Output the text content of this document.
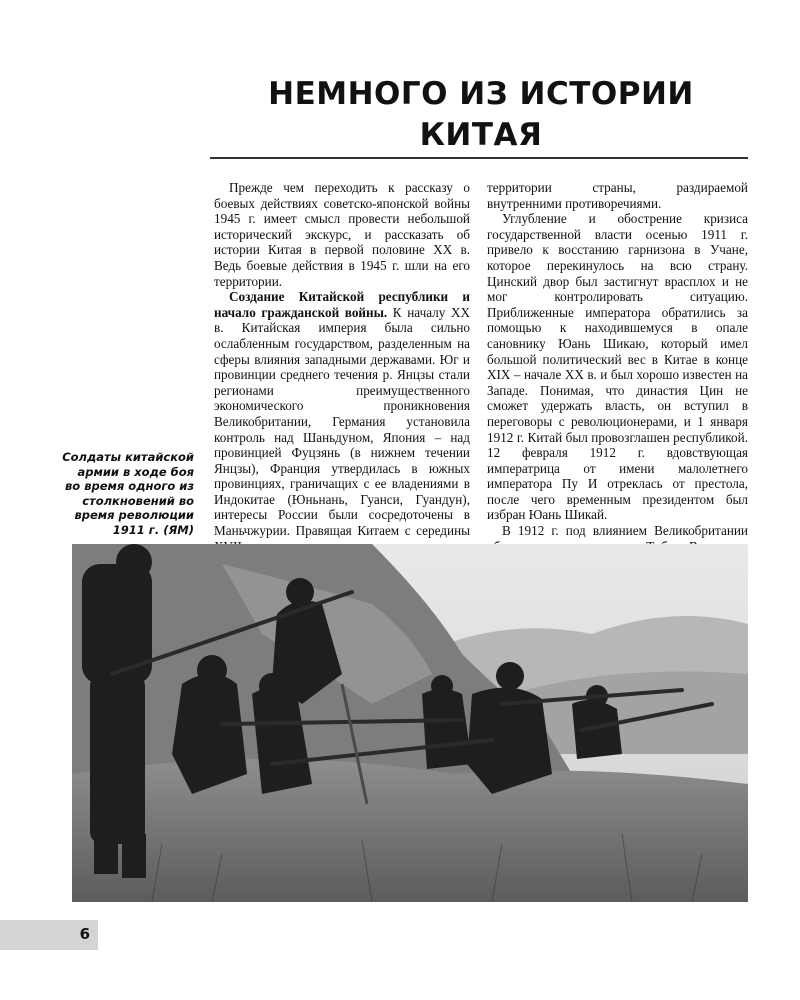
НЕМНОГО ИЗ ИСТОРИИ
КИТАЯ

Прежде чем переходить к рассказу о боевых действиях советско-японской войны 1945 г. имеет смысл провести небольшой исторический экскурс, и рассказать об истории Китая в первой половине XX в. Ведь боевые действия в 1945 г. шли на его территории.

Создание Китайской республики и начало гражданской войны. К началу XX в. Китайская империя была сильно ослабленным государством, разделенным на сферы влияния западными державами. Юг и провинции среднего течения р. Янцзы стали регионами преимущественного экономического проникновения Великобритании, Германия установила контроль над Шаньдуном, Япония – над провинцией Фуцзянь (в нижнем течении Янцзы), Франция утвердилась в южных провинциях, граничащих с ее владениями в Индокитае (Юньнань, Гуанси, Гуандун), интересы России были сосредоточены в Маньчжурии. Правящая Китаем с середины

территории страны, раздираемой внутренними противоречиями.

Углубление и обострение кризиса государственной власти осенью 1911 г. привело к восстанию гарнизона в Учане, которое перекинулось на всю страну. Цинский двор был застигнут врасплох и не мог контролировать ситуацию. Приближенные императора обратились за помощью к находившемуся в опале сановнику Юань Шикаю, который имел большой политический вес в Китае в конце XIX – начале XX в. и был хорошо известен на Западе. Понимая, что династия Цин не сможет удержать власть, он вступил в переговоры с революционерами, и 1 января 1912 г. Китай был провозглашен республикой. 12 февраля 1912 г. вдовствующая императрица от имени малолетнего императора Пу И отреклась от престола, после чего временным президентом был избран Юань Шикай.

В 1912 г. под влиянием Великобритании

Солдаты китайской армии в ходе боя во время одного из столкновений во время революции 1911 г. (ЯМ)

6
